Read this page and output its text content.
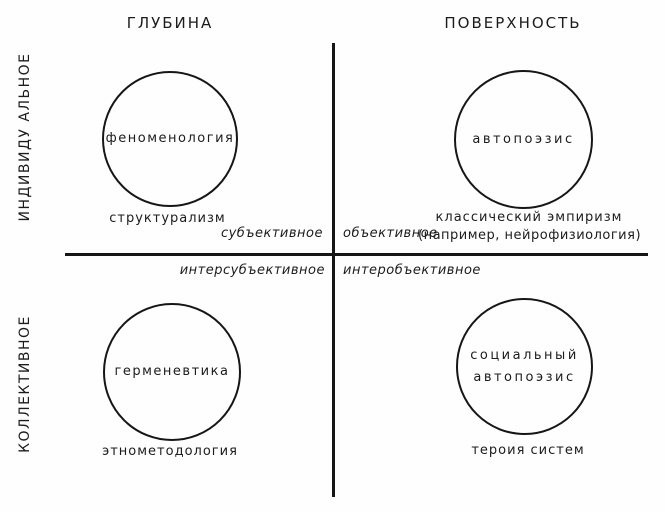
ГЛУБИНА	ПОВЕРХНОСТЬ
ИНДИВИДУ АЛЬНОЕ
КОЛЛЕКТИВНОЕ
феноменология	автопоэзис
герменевтика
социальный
автопоэзис
структурализм	классический эмпиризм
(например, нейрофизиология)
этнометодология	тероия систем
субъективное объективное
интерсубъективное интеробъективное
